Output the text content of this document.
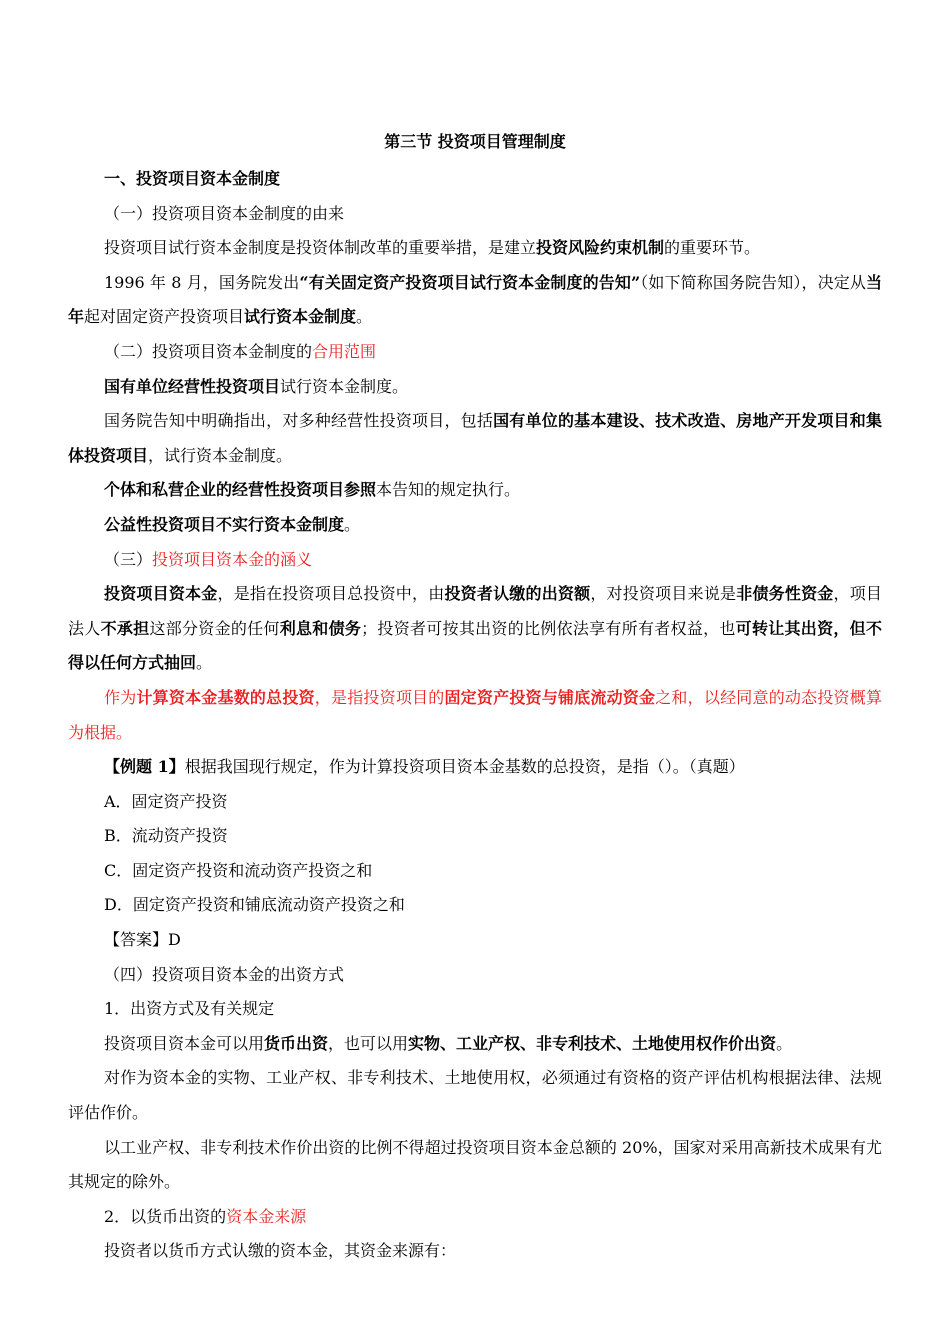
第三节 投资项目管理制度

一、投资项目资本金制度

（一）投资项目资本金制度的由来

投资项目试行资本金制度是投资体制改革的重要举措，是建立投资风险约束机制的重要环节。

1996 年 8 月，国务院发出“有关固定资产投资项目试行资本金制度的告知”（如下简称国务院告知），决定从当年起对固定资产投资项目试行资本金制度。

（二）投资项目资本金制度的合用范围

国有单位经营性投资项目试行资本金制度。

国务院告知中明确指出，对多种经营性投资项目，包括国有单位的基本建设、技术改造、房地产开发项目和集体投资项目，试行资本金制度。

个体和私营企业的经营性投资项目参照本告知的规定执行。

公益性投资项目不实行资本金制度。

（三）投资项目资本金的涵义

投资项目资本金，是指在投资项目总投资中，由投资者认缴的出资额，对投资项目来说是非债务性资金，项目法人不承担这部分资金的任何利息和债务；投资者可按其出资的比例依法享有所有者权益，也可转让其出资，但不得以任何方式抽回。

作为计算资本金基数的总投资，是指投资项目的固定资产投资与铺底流动资金之和，以经同意的动态投资概算为根据。

【例题 1】根据我国现行规定，作为计算投资项目资本金基数的总投资，是指（）。（真题）

A．固定资产投资

B．流动资产投资

C．固定资产投资和流动资产投资之和

D．固定资产投资和铺底流动资产投资之和

【答案】D

（四）投资项目资本金的出资方式

1．出资方式及有关规定

投资项目资本金可以用货币出资，也可以用实物、工业产权、非专利技术、土地使用权作价出资。

对作为资本金的实物、工业产权、非专利技术、土地使用权，必须通过有资格的资产评估机构根据法律、法规评估作价。

以工业产权、非专利技术作价出资的比例不得超过投资项目资本金总额的 20%，国家对采用高新技术成果有尤其规定的除外。

2．以货币出资的资本金来源

投资者以货币方式认缴的资本金，其资金来源有：
